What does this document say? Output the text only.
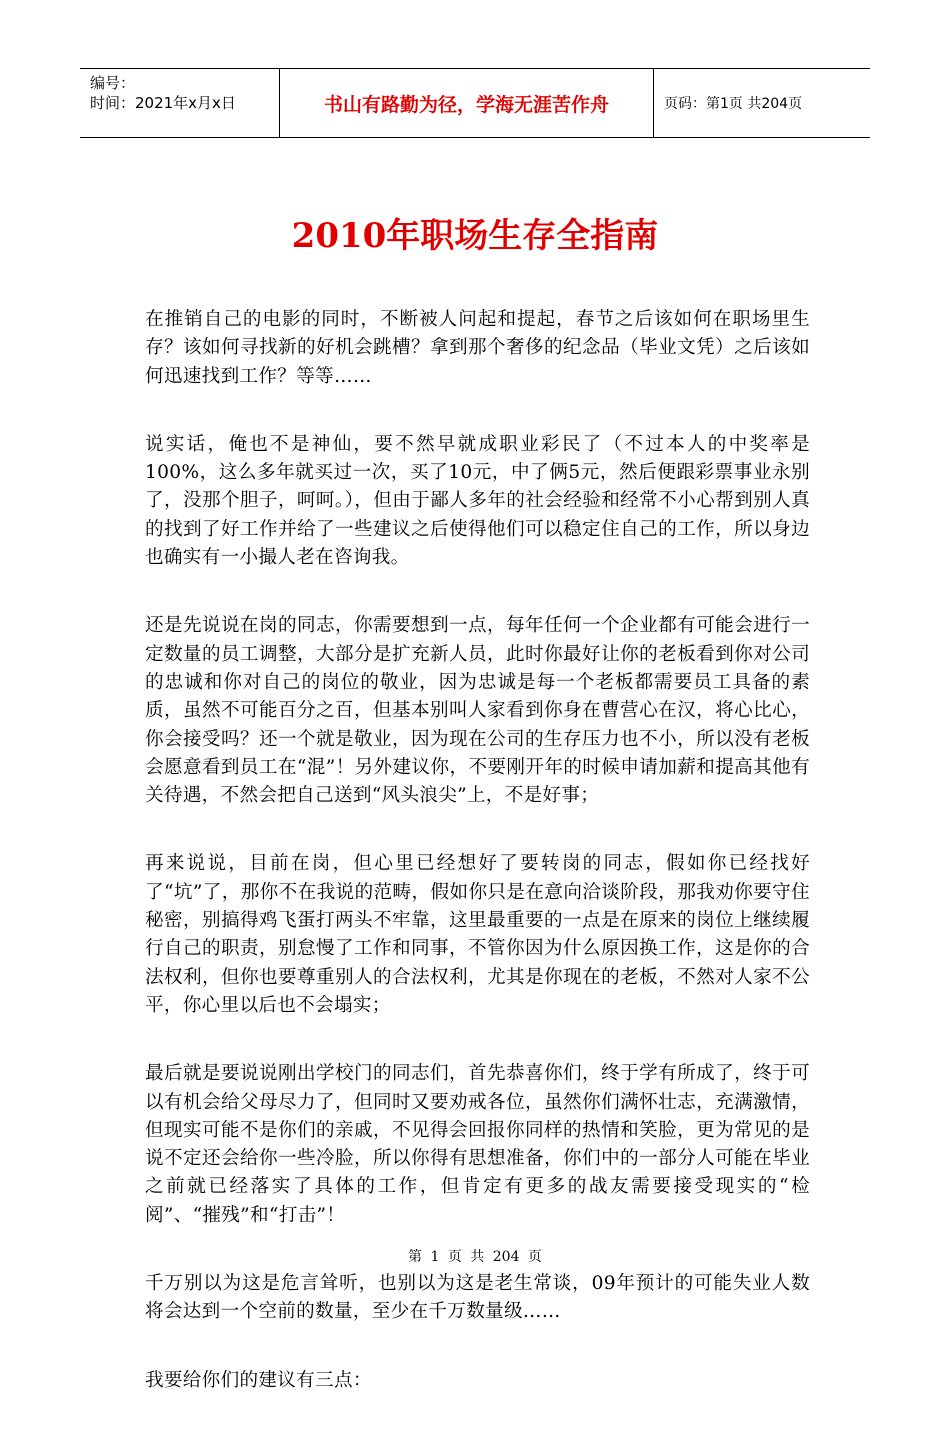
编号：
时间：2021年x月x日	书山有路勤为径，学海无涯苦作舟	页码：第1页 共204页
2010年职场生存全指南

在推销自己的电影的同时，不断被人问起和提起，春节之后该如何在职场里生存？该如何寻找新的好机会跳槽？拿到那个奢侈的纪念品（毕业文凭）之后该如何迅速找到工作？等等……

说实话，俺也不是神仙，要不然早就成职业彩民了（不过本人的中奖率是100%，这么多年就买过一次，买了10元，中了俩5元，然后便跟彩票事业永别了，没那个胆子，呵呵。），但由于鄙人多年的社会经验和经常不小心帮到别人真的找到了好工作并给了一些建议之后使得他们可以稳定住自己的工作，所以身边也确实有一小撮人老在咨询我。

还是先说说在岗的同志，你需要想到一点，每年任何一个企业都有可能会进行一定数量的员工调整，大部分是扩充新人员，此时你最好让你的老板看到你对公司的忠诚和你对自己的岗位的敬业，因为忠诚是每一个老板都需要员工具备的素质，虽然不可能百分之百，但基本别叫人家看到你身在曹营心在汉，将心比心，你会接受吗？还一个就是敬业，因为现在公司的生存压力也不小，所以没有老板会愿意看到员工在“混”！另外建议你，不要刚开年的时候申请加薪和提高其他有关待遇，不然会把自己送到“风头浪尖”上，不是好事；

再来说说，目前在岗，但心里已经想好了要转岗的同志，假如你已经找好了“坑”了，那你不在我说的范畴，假如你只是在意向洽谈阶段，那我劝你要守住秘密，别搞得鸡飞蛋打两头不牢靠，这里最重要的一点是在原来的岗位上继续履行自己的职责，别怠慢了工作和同事，不管你因为什么原因换工作，这是你的合法权利，但你也要尊重别人的合法权利，尤其是你现在的老板，不然对人家不公平，你心里以后也不会塌实；

最后就是要说说刚出学校门的同志们，首先恭喜你们，终于学有所成了，终于可以有机会给父母尽力了，但同时又要劝戒各位，虽然你们满怀壮志，充满激情，但现实可能不是你们的亲戚，不见得会回报你同样的热情和笑脸，更为常见的是说不定还会给你一些冷脸，所以你得有思想准备，你们中的一部分人可能在毕业之前就已经落实了具体的工作，但肯定有更多的战友需要接受现实的“检阅”、“摧残”和“打击”！

千万别以为这是危言耸听，也别以为这是老生常谈，09年预计的可能失业人数将会达到一个空前的数量，至少在千万数量级……

我要给你们的建议有三点：

第 1 页 共 204 页
